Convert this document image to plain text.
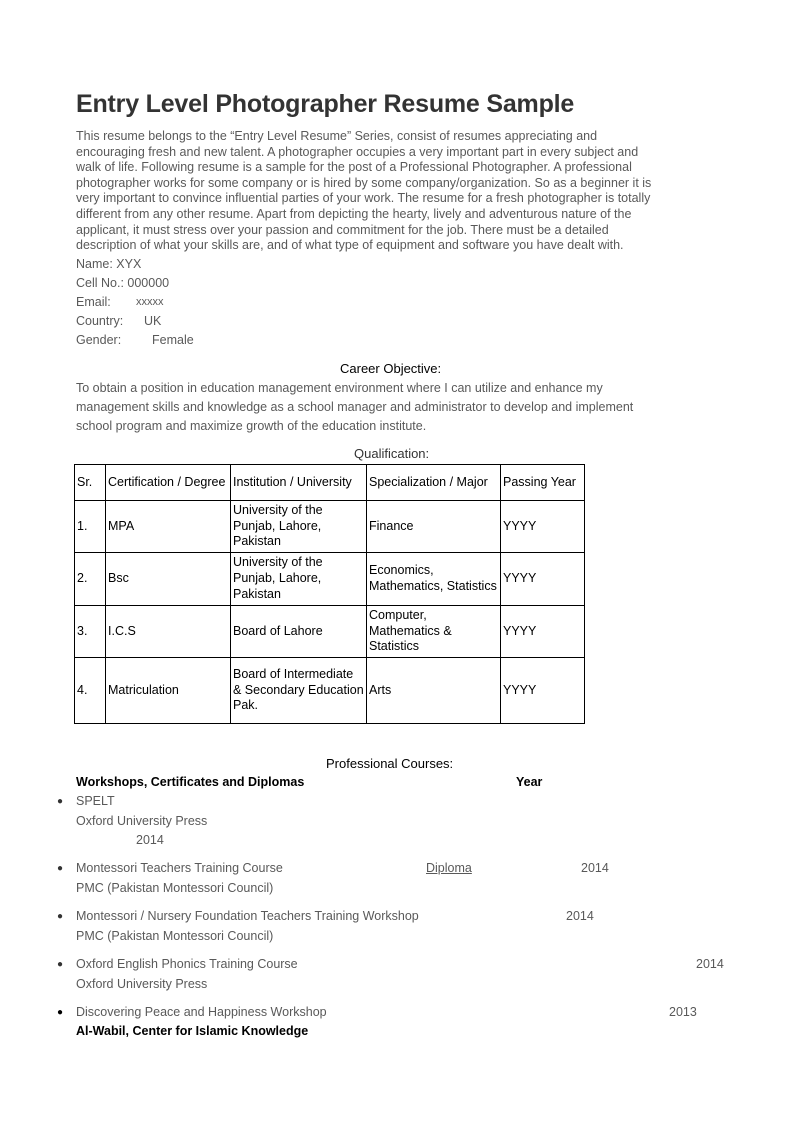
Entry Level Photographer Resume Sample
This resume belongs to the “Entry Level Resume” Series, consist of resumes appreciating and
encouraging fresh and new talent. A photographer occupies a very important part in every subject and
walk of life. Following resume is a sample for the post of a Professional Photographer. A professional
photographer works for some company or is hired by some company/organization. So as a beginner it is
very important to convince influential parties of your work. The resume for a fresh photographer is totally
different from any other resume. Apart from depicting the hearty, lively and adventurous nature of the
applicant, it must stress over your passion and commitment for the job. There must be a detailed
description of what your skills are, and of what type of equipment and software you have dealt with.
Name: XYX
Cell No.: 000000
Email: xxxxx
Country: UK
Gender: Female
Career Objective:
To obtain a position in education management environment where I can utilize and enhance my
management skills and knowledge as a school manager and administrator to develop and implement
school program and maximize growth of the education institute.
Qualification:
Sr.	Certification / Degree	Institution / University	Specialization / Major	Passing Year
1.	MPA	University of the Punjab, Lahore, Pakistan	Finance	YYYY
2.	Bsc	University of the Punjab, Lahore, Pakistan	Economics, Mathematics, Statistics	YYYY
3.	I.C.S	Board of Lahore	Computer, Mathematics & Statistics	YYYY
4.	Matriculation	Board of Intermediate & Secondary Education Pak.	Arts	YYYY
Professional Courses:
Workshops, Certificates and Diplomas	Year
● SPELT
Oxford University Press
2014
● Montessori Teachers Training Course	Diploma	2014
PMC (Pakistan Montessori Council)
● Montessori / Nursery Foundation Teachers Training Workshop	2014
PMC (Pakistan Montessori Council)
● Oxford English Phonics Training Course	2014
Oxford University Press
● Discovering Peace and Happiness Workshop	2013
Al-Wabil, Center for Islamic Knowledge
